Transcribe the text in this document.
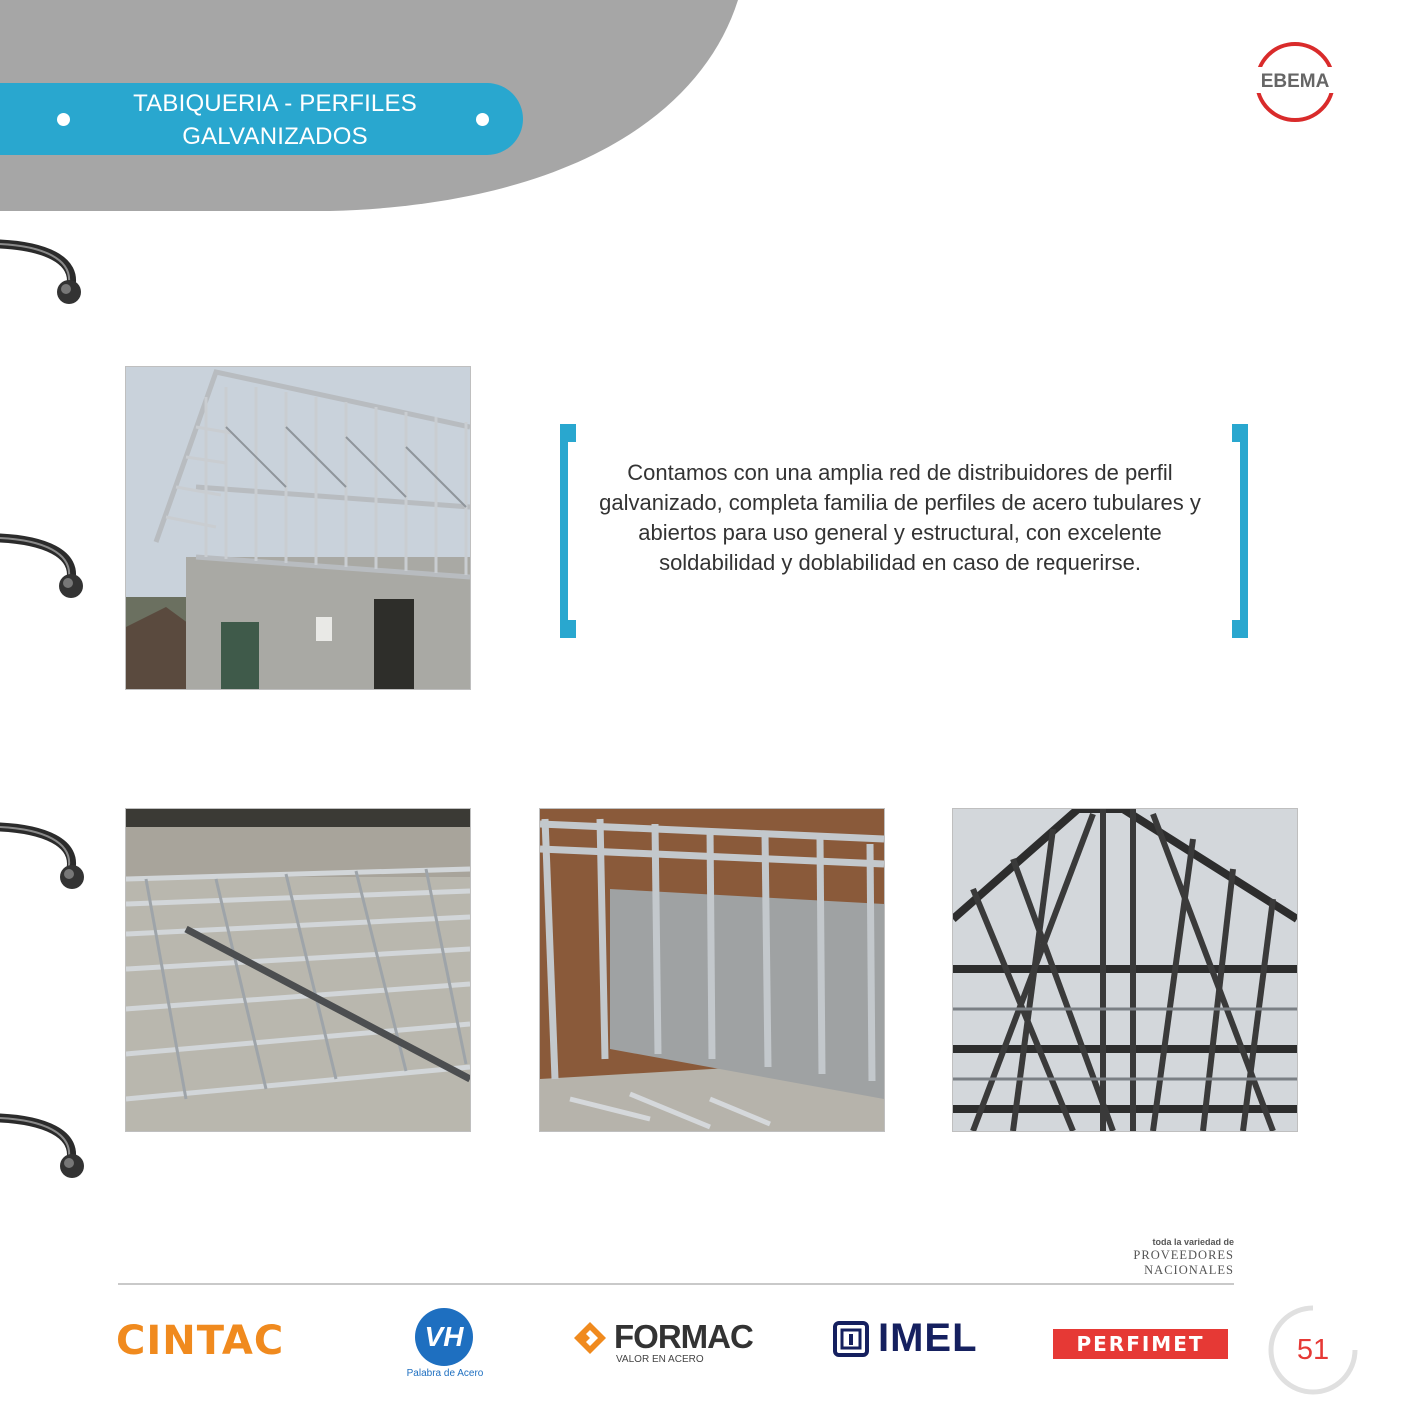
TABIQUERIA - PERFILES
GALVANIZADOS
EBEMA
Contamos con una amplia red de distribuidores de perfil galvanizado, completa familia de perfiles de acero tubulares y abiertos para uso general y estructural, con excelente soldabilidad y doblabilidad en caso de requerirse.
toda la variedad de
PROVEEDORES
NACIONALES
CINTAC	VH
Palabra de Acero
FORMAC
VALOR EN ACERO	IMEL	PERFIMET	51
